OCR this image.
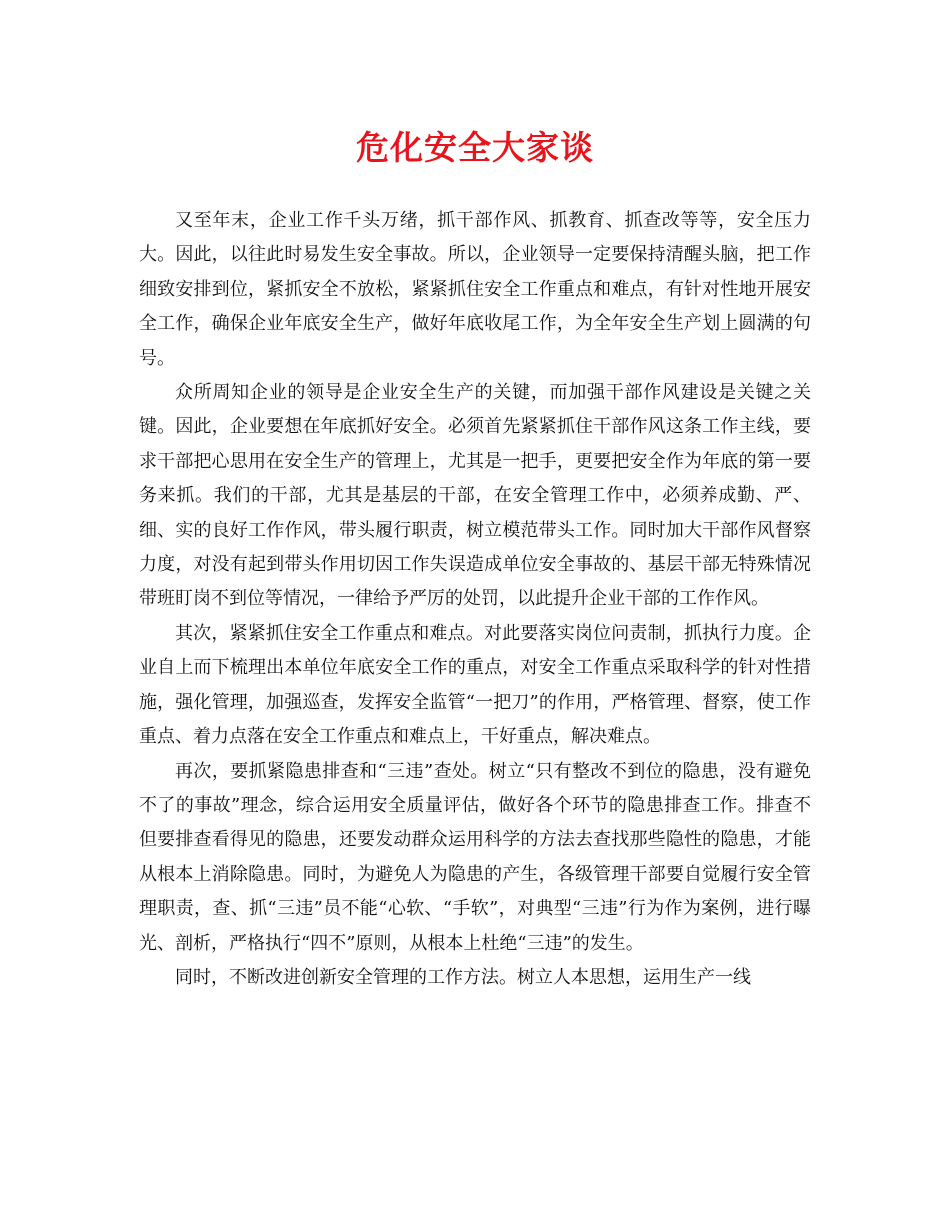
危化安全大家谈

又至年末，企业工作千头万绪，抓干部作风、抓教育、抓查改等等，安全压力大。因此，以往此时易发生安全事故。所以，企业领导一定要保持清醒头脑，把工作细致安排到位，紧抓安全不放松，紧紧抓住安全工作重点和难点，有针对性地开展安全工作，确保企业年底安全生产，做好年底收尾工作，为全年安全生产划上圆满的句号。

众所周知企业的领导是企业安全生产的关键，而加强干部作风建设是关键之关键。因此，企业要想在年底抓好安全。必须首先紧紧抓住干部作风这条工作主线，要求干部把心思用在安全生产的管理上，尤其是一把手，更要把安全作为年底的第一要务来抓。我们的干部，尤其是基层的干部，在安全管理工作中，必须养成勤、严、细、实的良好工作作风，带头履行职责，树立模范带头工作。同时加大干部作风督察力度，对没有起到带头作用切因工作失误造成单位安全事故的、基层干部无特殊情况带班盯岗不到位等情况，一律给予严厉的处罚，以此提升企业干部的工作作风。

其次，紧紧抓住安全工作重点和难点。对此要落实岗位问责制，抓执行力度。企业自上而下梳理出本单位年底安全工作的重点，对安全工作重点采取科学的针对性措施，强化管理，加强巡查，发挥安全监管“一把刀”的作用，严格管理、督察，使工作重点、着力点落在安全工作重点和难点上，干好重点，解决难点。

再次，要抓紧隐患排查和“三违”查处。树立“只有整改不到位的隐患，没有避免不了的事故”理念，综合运用安全质量评估，做好各个环节的隐患排查工作。排查不但要排查看得见的隐患，还要发动群众运用科学的方法去查找那些隐性的隐患，才能从根本上消除隐患。同时，为避免人为隐患的产生，各级管理干部要自觉履行安全管理职责，查、抓“三违”员不能“心软、“手软”，对典型“三违”行为作为案例，进行曝光、剖析，严格执行“四不”原则，从根本上杜绝“三违”的发生。

同时，不断改进创新安全管理的工作方法。树立人本思想，运用生产一线
